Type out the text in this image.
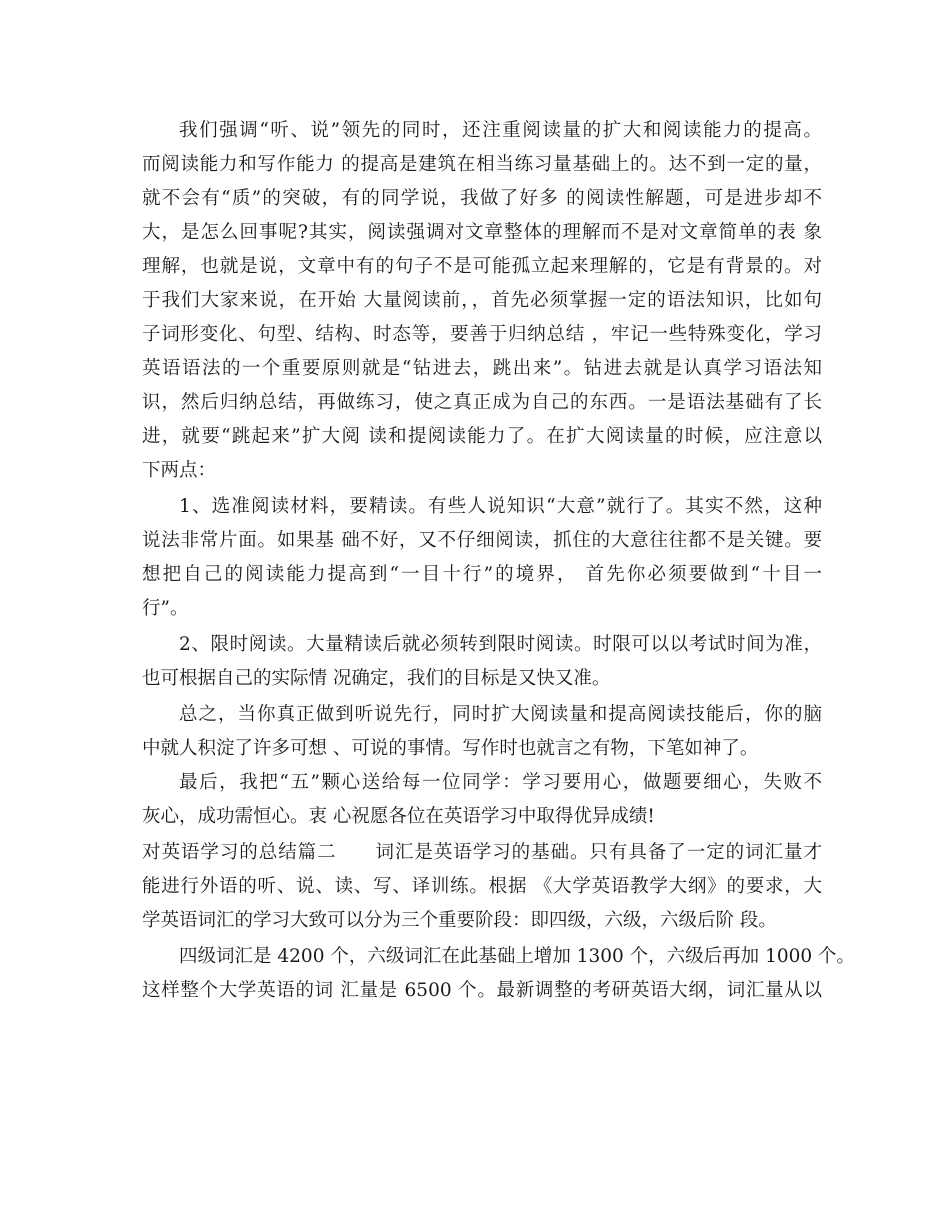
我们强调“听、说”领先的同时，还注重阅读量的扩大和阅读能力的提高。

而阅读能力和写作能力 的提高是建筑在相当练习量基础上的。达不到一定的量，

就不会有“质”的突破，有的同学说，我做了好多 的阅读性解题，可是进步却不

大，是怎么回事呢?其实，阅读强调对文章整体的理解而不是对文章简单的表 象

理解，也就是说，文章中有的句子不是可能孤立起来理解的，它是有背景的。对

于我们大家来说，在开始 大量阅读前，，首先必须掌握一定的语法知识，比如句

子词形变化、句型、结构、时态等，要善于归纳总结 ，牢记一些特殊变化，学习

英语语法的一个重要原则就是“钻进去，跳出来”。钻进去就是认真学习语法知

识，然后归纳总结，再做练习，使之真正成为自己的东西。一是语法基础有了长

进，就要“跳起来”扩大阅 读和提阅读能力了。在扩大阅读量的时候，应注意以

下两点：

1、选准阅读材料，要精读。有些人说知识“大意”就行了。其实不然，这种

说法非常片面。如果基 础不好，又不仔细阅读，抓住的大意往往都不是关键。要

想把自己的阅读能力提高到“一目十行”的境界， 首先你必须要做到“十目一

行”。

2、限时阅读。大量精读后就必须转到限时阅读。时限可以以考试时间为准，

也可根据自己的实际情 况确定，我们的目标是又快又准。

总之，当你真正做到听说先行，同时扩大阅读量和提高阅读技能后，你的脑

中就人积淀了许多可想 、可说的事情。写作时也就言之有物，下笔如神了。

最后，我把“五”颗心送给每一位同学：学习要用心，做题要细心，失败不

灰心，成功需恒心。衷 心祝愿各位在英语学习中取得优异成绩!

对英语学习的总结篇二　　词汇是英语学习的基础。只有具备了一定的词汇量才

能进行外语的听、说、读、写、译训练。根据 《大学英语教学大纲》的要求，大

学英语词汇的学习大致可以分为三个重要阶段：即四级，六级，六级后阶 段。

四级词汇是 4200 个，六级词汇在此基础上增加 1300 个，六级后再加 1000 个。

这样整个大学英语的词 汇量是 6500 个。最新调整的考研英语大纲，词汇量从以
